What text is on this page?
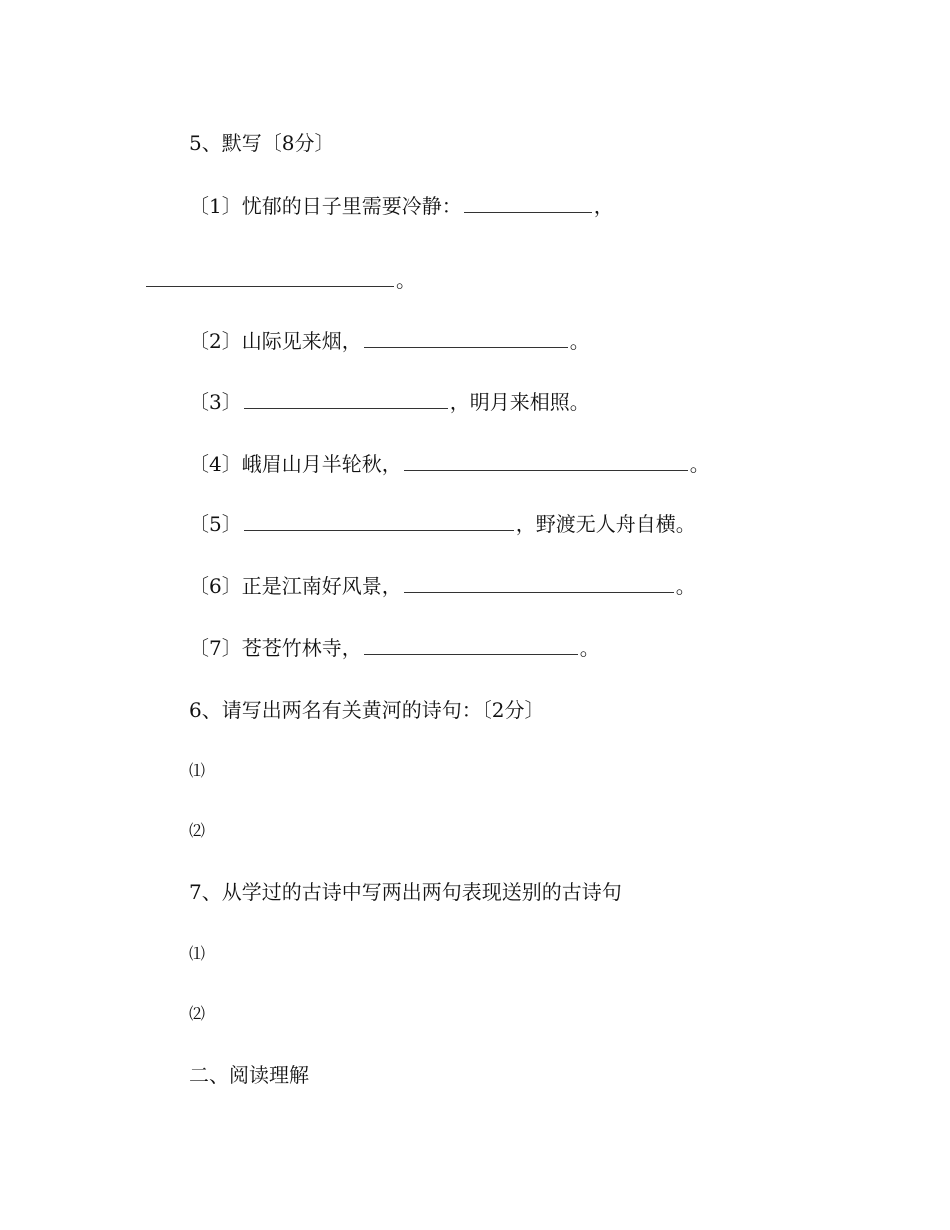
5、默写〔8分〕
〔1〕忧郁的日子里需要冷静：	，
。
〔2〕山际见来烟，	。
〔3〕	，明月来相照。
〔4〕峨眉山月半轮秋，	。
〔5〕	，野渡无人舟自横。
〔6〕正是江南好风景，	。
〔7〕苍苍竹林寺，	。
6、请写出两名有关黄河的诗句：〔2分〕
⑴
⑵
7、从学过的古诗中写两出两句表现送别的古诗句
⑴
⑵
二、阅读理解
